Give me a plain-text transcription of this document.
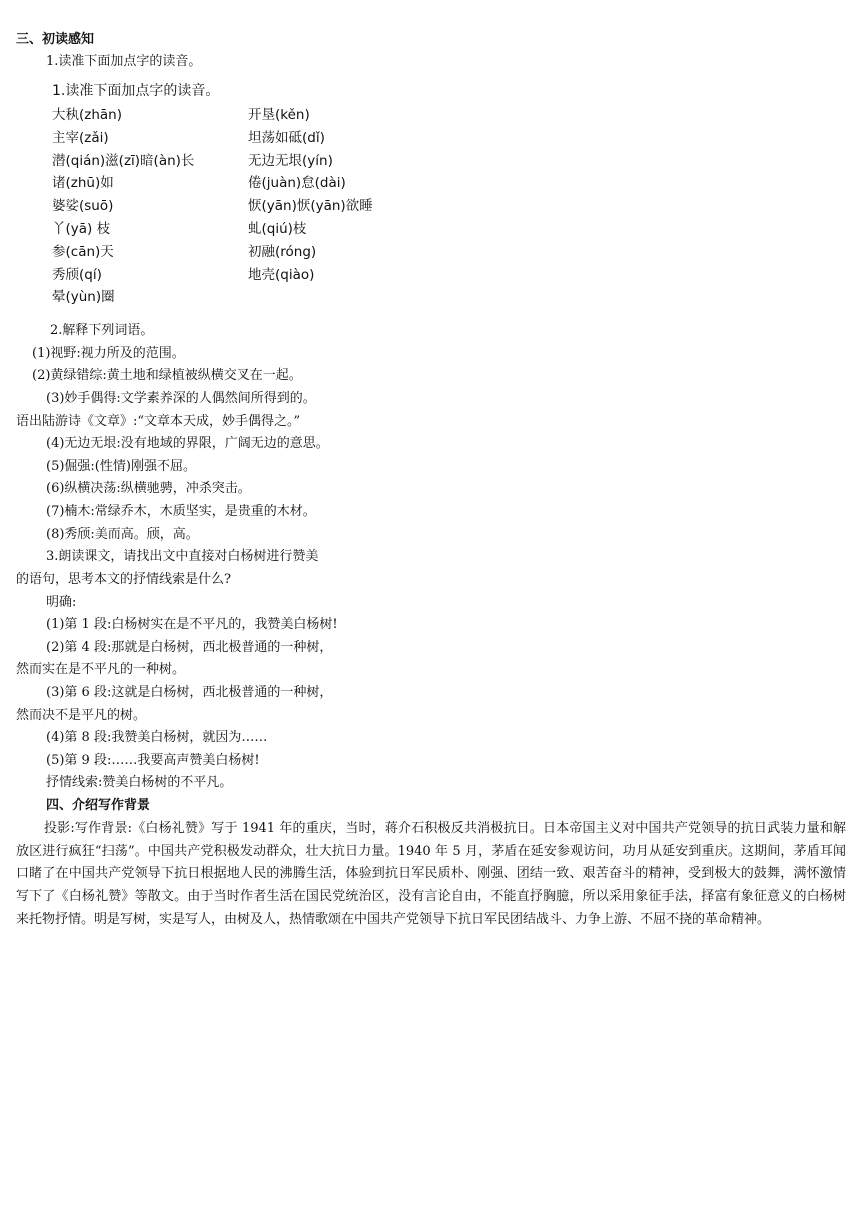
三、初读感知
1.读准下面加点字的读音。
1.读准下面加点字的读音。
大秇(zhān)
主宰(zǎi)
潜(qián)滋(zī)暗(àn)长
诸(zhū)如
婆娑(suō)
丫(yā) 枝
参(cān)天
秀颀(qí)
晕(yùn)圈
开垦(kěn)
坦荡如砥(dǐ)
无边无垠(yín)
倦(juàn)怠(dài)
恹(yān)恹(yān)欲睡
虬(qiú)枝
初融(róng)
地壳(qiào)
2.解释下列词语。
(1)视野:视力所及的范围。
(2)黄绿错综:黄土地和绿植被纵横交叉在一起。
(3)妙手偶得:文学素养深的人偶然间所得到的。
语出陆游诗《文章》:“文章本天成，妙手偶得之。”
(4)无边无垠:没有地域的界限，广阔无边的意思。
(5)倔强:(性情)刚强不屈。
(6)纵横决荡:纵横驰骋，冲杀突击。
(7)楠木:常绿乔木，木质坚实，是贵重的木材。
(8)秀颀:美而高。颀，高。
3.朗读课文，请找出文中直接对白杨树进行赞美
的语句，思考本文的抒情线索是什么?
明确:
(1)第 1 段:白杨树实在是不平凡的，我赞美白杨树!
(2)第 4 段:那就是白杨树，西北极普通的一种树，
然而实在是不平凡的一种树。
(3)第 6 段:这就是白杨树，西北极普通的一种树，
然而决不是平凡的树。
(4)第 8 段:我赞美白杨树，就因为……
(5)第 9 段:……我要高声赞美白杨树!
抒情线索:赞美白杨树的不平凡。
四、介绍写作背景
投影:写作背景:《白杨礼赞》写于 1941 年的重庆，当时，蒋介石积极反共消极抗日。日本帝国主义对中国共产党领导的抗日武装力量和解放区进行疯狂“扫荡”。中国共产党积极发动群众，壮大抗日力量。1940 年 5 月，茅盾在延安参观访问，功月从延安到重庆。这期间，茅盾耳闻口睹了在中国共产党领导下抗日根据地人民的沸腾生活，体验到抗日军民质朴、刚强、团结一致、艰苦奋斗的精神，受到极大的鼓舞，满怀激情写下了《白杨礼赞》等散文。由于当时作者生活在国民党统治区，没有言论自由，不能直抒胸臆，所以采用象征手法，择富有象征意义的白杨树来托物抒情。明是写树，实是写人，由树及人，热情歌颂在中国共产党领导下抗日军民团结战斗、力争上游、不屈不挠的革命精神。
